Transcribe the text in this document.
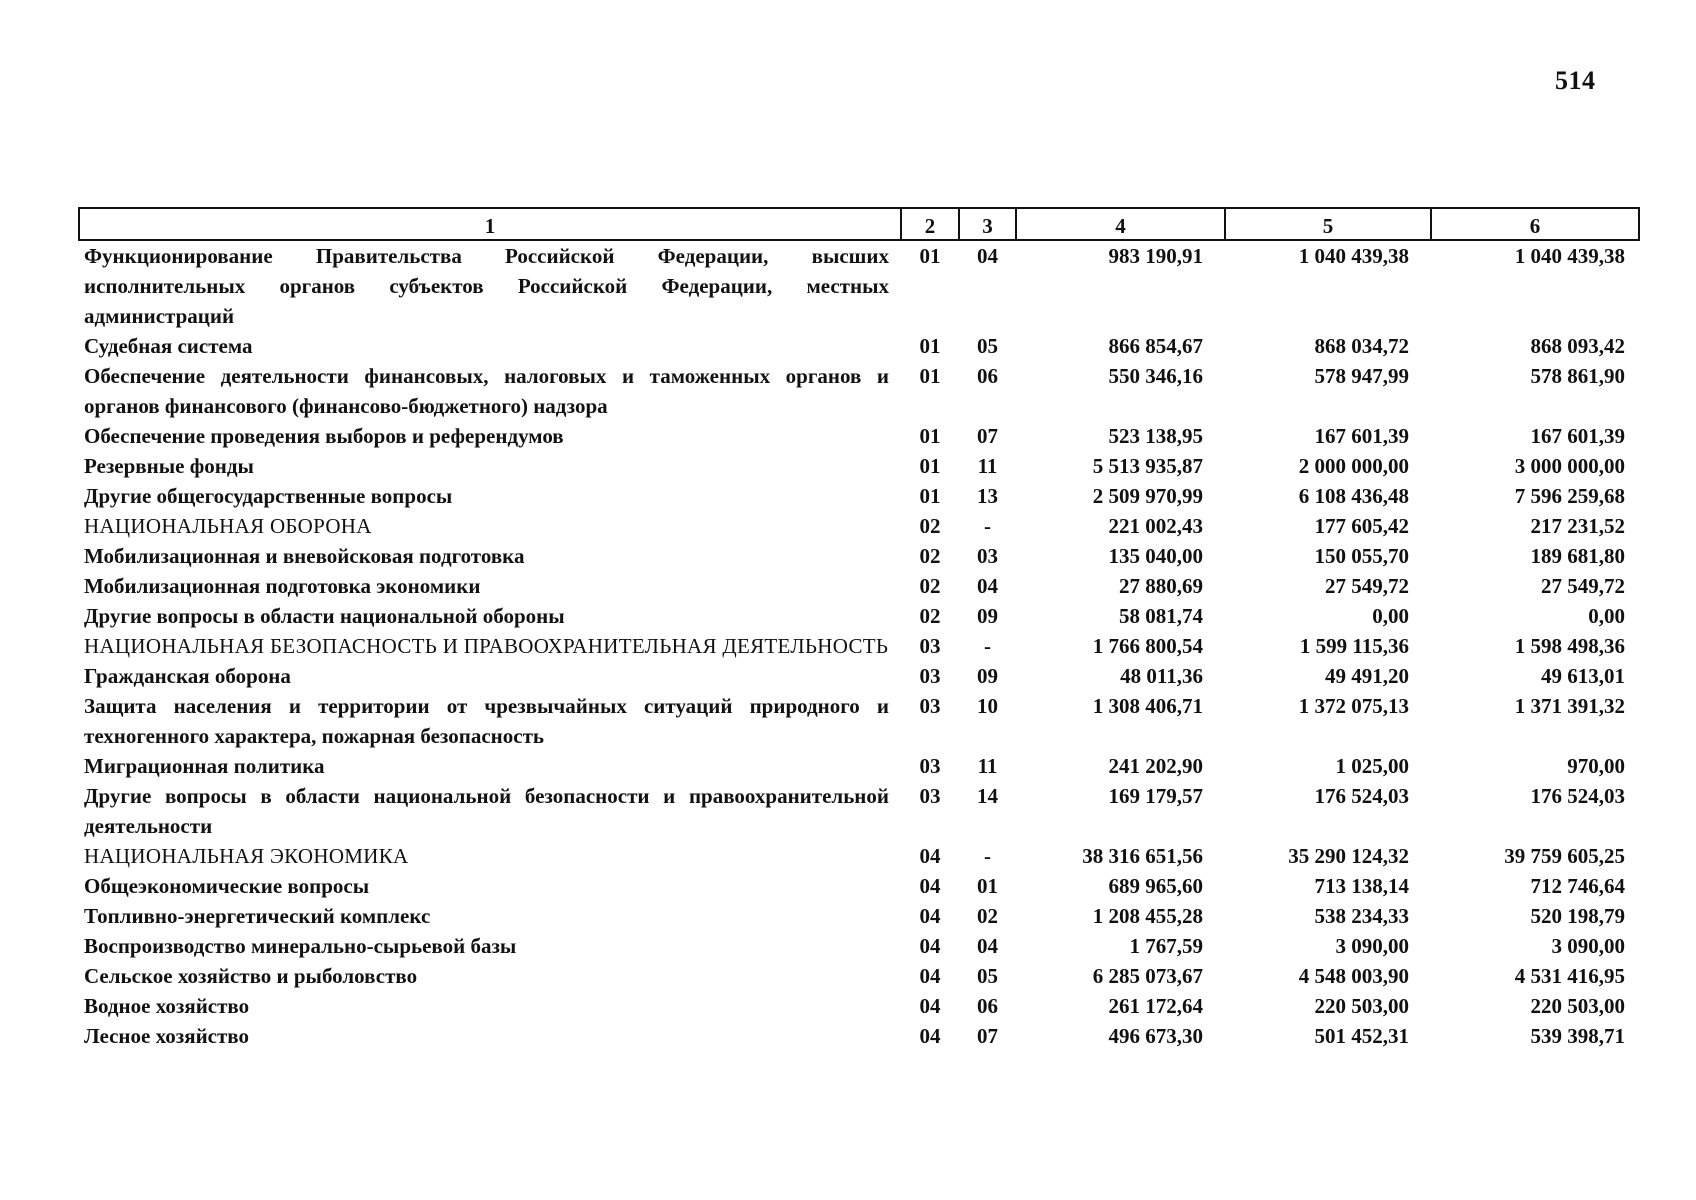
514
1	2	3	4	5	6
Функционирование Правительства Российской Федерации, высших исполнительных органов субъектов Российской Федерации, местных администраций	01	04	983 190,91	1 040 439,38	1 040 439,38
Судебная система	01	05	866 854,67	868 034,72	868 093,42
Обеспечение деятельности финансовых, налоговых и таможенных органов и органов финансового (финансово-бюджетного) надзора	01	06	550 346,16	578 947,99	578 861,90
Обеспечение проведения выборов и референдумов	01	07	523 138,95	167 601,39	167 601,39
Резервные фонды	01	11	5 513 935,87	2 000 000,00	3 000 000,00
Другие общегосударственные вопросы	01	13	2 509 970,99	6 108 436,48	7 596 259,68
НАЦИОНАЛЬНАЯ ОБОРОНА	02	-	221 002,43	177 605,42	217 231,52
Мобилизационная и вневойсковая подготовка	02	03	135 040,00	150 055,70	189 681,80
Мобилизационная подготовка экономики	02	04	27 880,69	27 549,72	27 549,72
Другие вопросы в области национальной обороны	02	09	58 081,74	0,00	0,00
НАЦИОНАЛЬНАЯ БЕЗОПАСНОСТЬ И ПРАВООХРАНИТЕЛЬНАЯ ДЕЯТЕЛЬНОСТЬ	03	-	1 766 800,54	1 599 115,36	1 598 498,36
Гражданская оборона	03	09	48 011,36	49 491,20	49 613,01
Защита населения и территории от чрезвычайных ситуаций природного и техногенного характера, пожарная безопасность	03	10	1 308 406,71	1 372 075,13	1 371 391,32
Миграционная политика	03	11	241 202,90	1 025,00	970,00
Другие вопросы в области национальной безопасности и правоохранительной деятельности	03	14	169 179,57	176 524,03	176 524,03
НАЦИОНАЛЬНАЯ ЭКОНОМИКА	04	-	38 316 651,56	35 290 124,32	39 759 605,25
Общеэкономические вопросы	04	01	689 965,60	713 138,14	712 746,64
Топливно-энергетический комплекс	04	02	1 208 455,28	538 234,33	520 198,79
Воспроизводство минерально-сырьевой базы	04	04	1 767,59	3 090,00	3 090,00
Сельское хозяйство и рыболовство	04	05	6 285 073,67	4 548 003,90	4 531 416,95
Водное хозяйство	04	06	261 172,64	220 503,00	220 503,00
Лесное хозяйство	04	07	496 673,30	501 452,31	539 398,71
